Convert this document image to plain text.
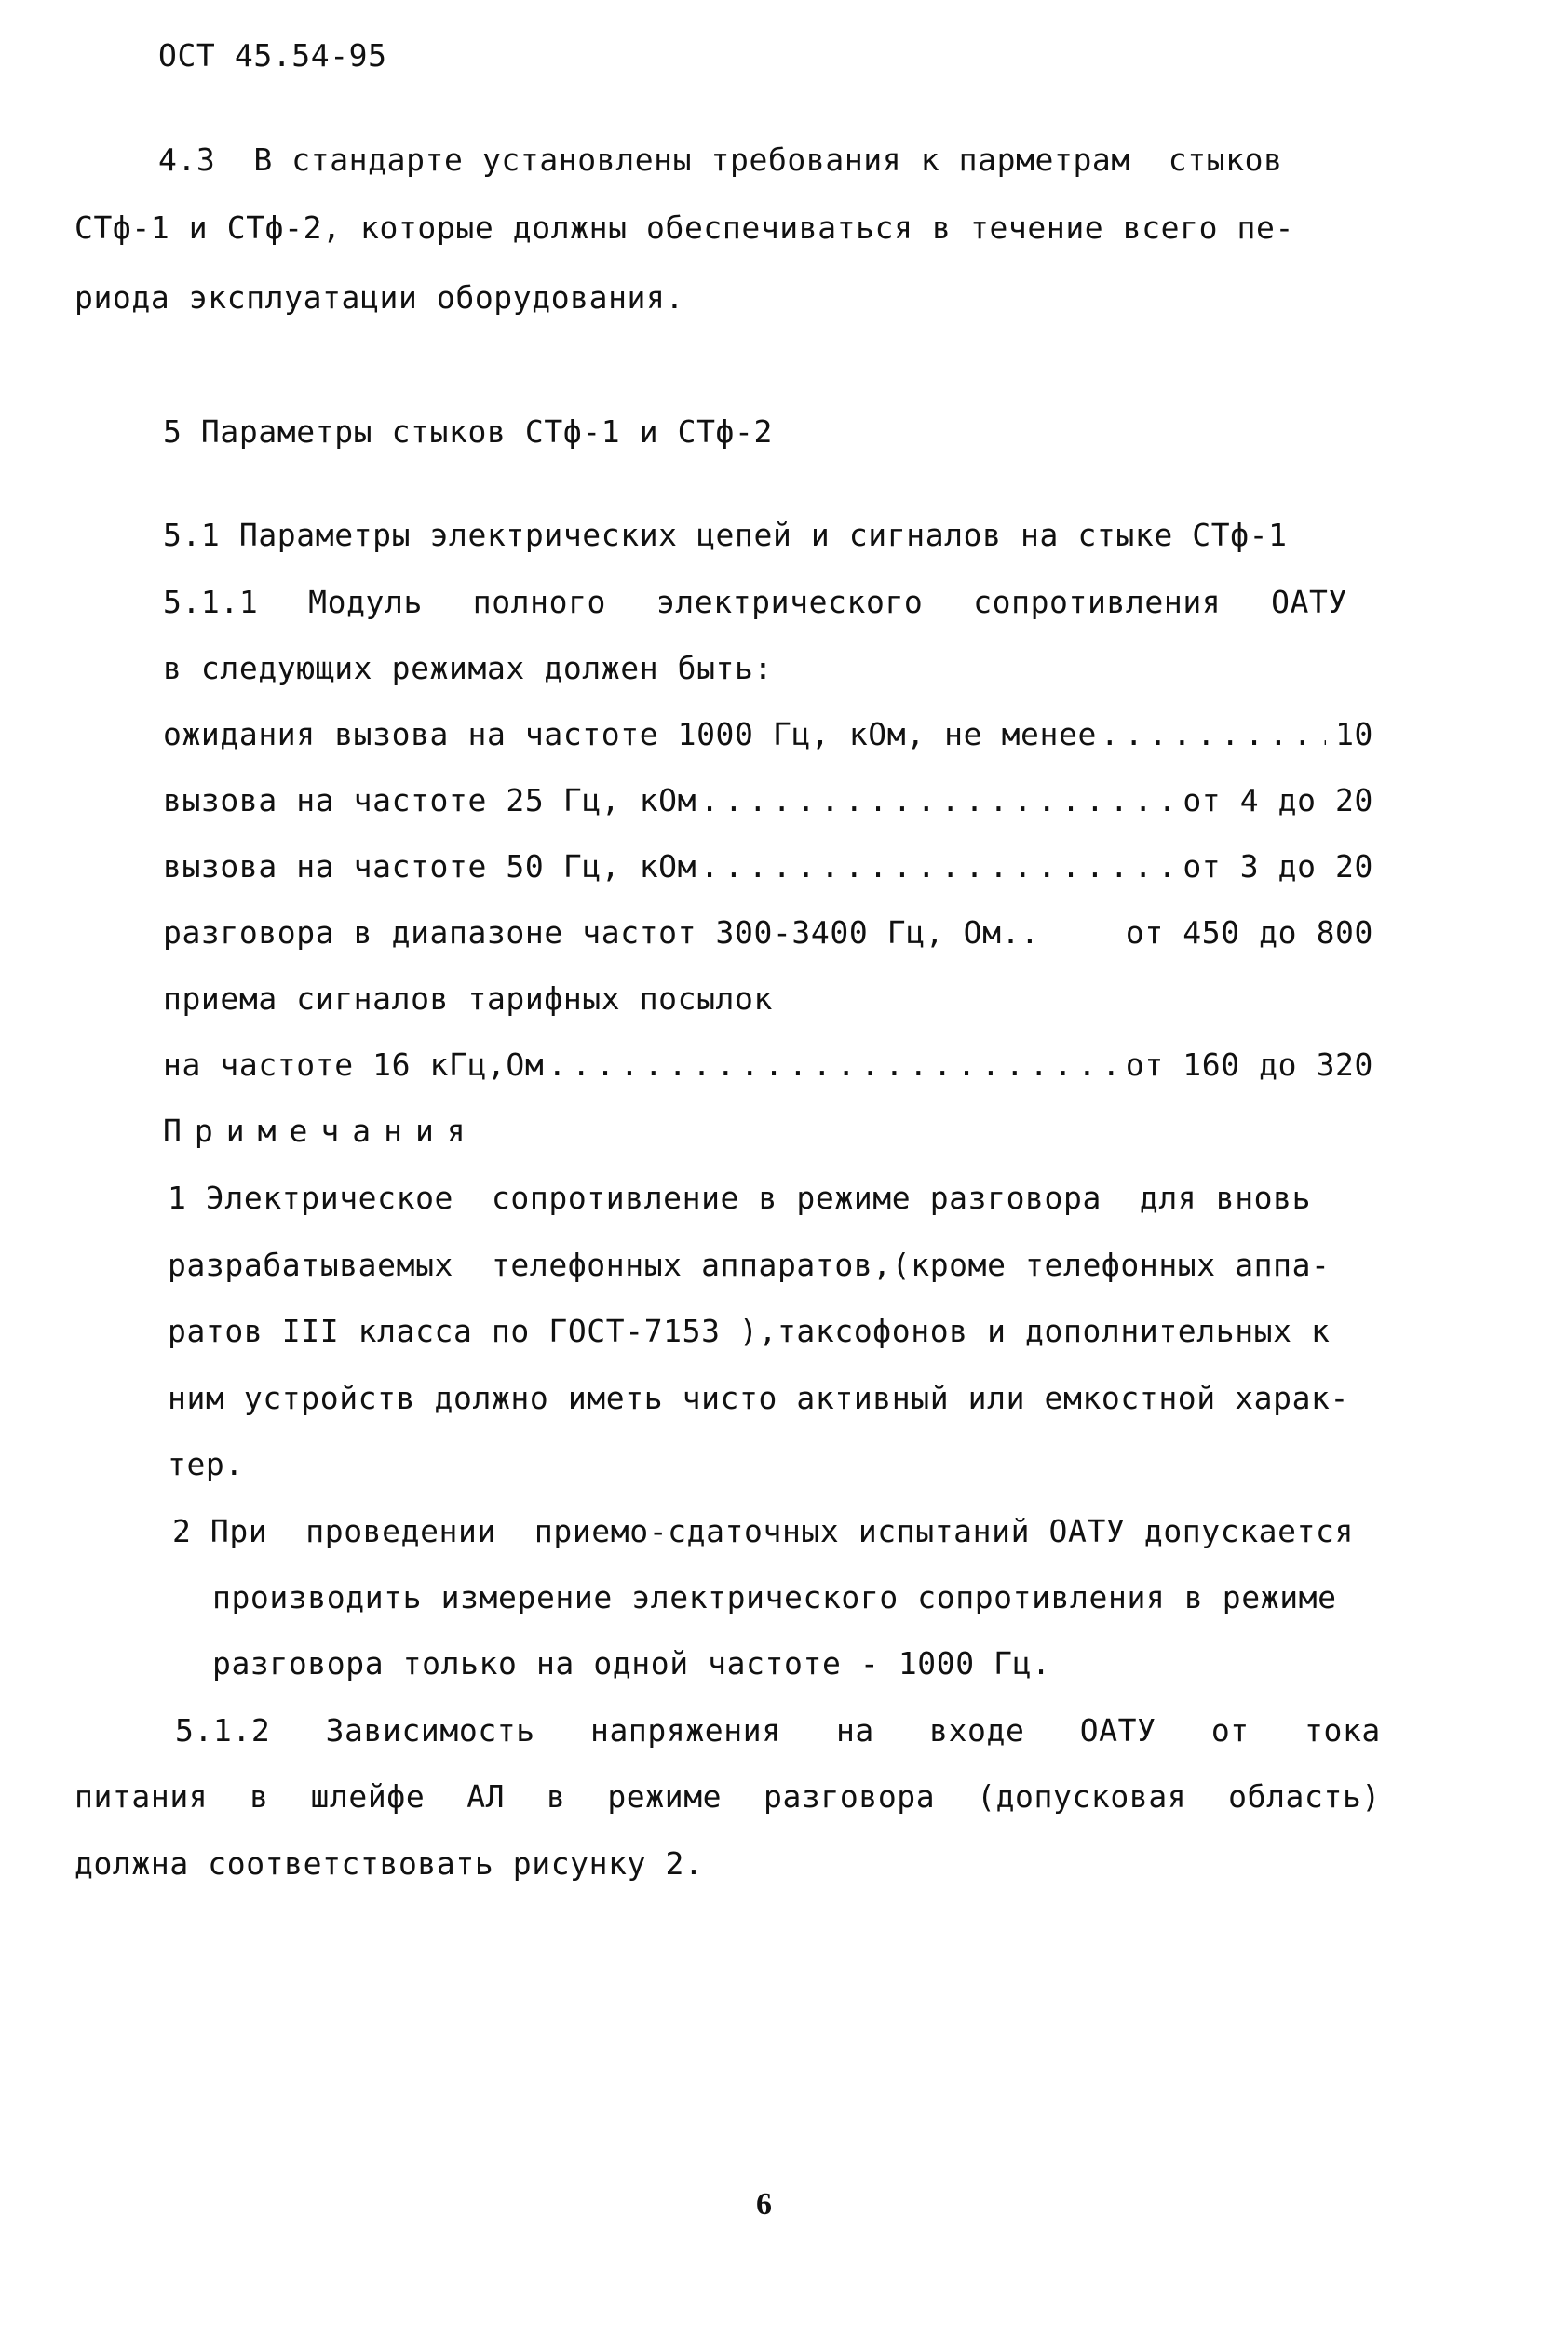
ОСТ 45.54-95
4.3  В стандарте установлены требования к парметрам  стыков
СТф-1 и СТф-2, которые должны обеспечиваться в течение всего пе-
риода эксплуатации оборудования.
5 Параметры стыков СТф-1 и СТф-2
5.1 Параметры электрических цепей и сигналов на стыке СТф-1
5.1.1 Модуль полного электрического сопротивления ОАТУ
в следующих режимах должен быть:
ожидания вызова на частоте 1000 Гц, кОм, не менее .....	10
вызова на частоте 25 Гц, кОм .....	от 4 до 20
вызова на частоте 50 Гц, кОм .....	от 3 до 20
разговора в диапазоне частот 300-3400 Гц, Ом..	от 450 до 800
приема сигналов тарифных посылок
на частоте 16 кГц,Ом .....	от 160 до 320
Примечания
1 Электрическое  сопротивление в режиме разговора  для вновь
разрабатываемых  телефонных аппаратов,(кроме телефонных аппа-
ратов III класса по ГОСТ-7153 ),таксофонов и дополнительных к
ним устройств должно иметь чисто активный или емкостной харак-
тер.
2 При  проведении  приемо-сдаточных испытаний ОАТУ допускается
производить измерение электрического сопротивления в режиме
разговора только на одной частоте - 1000 Гц.
5.1.2 Зависимость напряжения на входе ОАТУ от тока
питания в шлейфе АЛ в режиме разговора (допусковая область)
должна соответствовать рисунку 2.
6
